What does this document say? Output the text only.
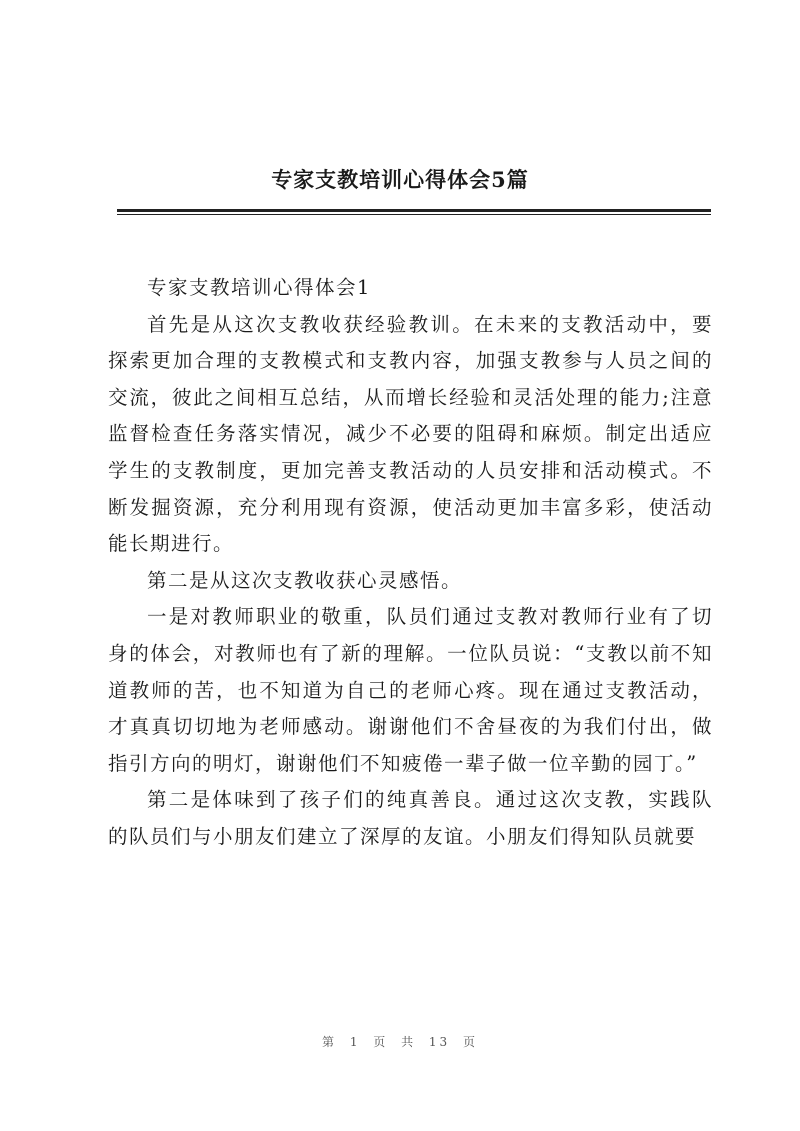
专家支教培训心得体会5篇

专家支教培训心得体会1

首先是从这次支教收获经验教训。在未来的支教活动中，要探索更加合理的支教模式和支教内容，加强支教参与人员之间的交流，彼此之间相互总结，从而增长经验和灵活处理的能力;注意监督检查任务落实情况，减少不必要的阻碍和麻烦。制定出适应学生的支教制度，更加完善支教活动的人员安排和活动模式。不断发掘资源，充分利用现有资源，使活动更加丰富多彩，使活动能长期进行。

第二是从这次支教收获心灵感悟。

一是对教师职业的敬重，队员们通过支教对教师行业有了切身的体会，对教师也有了新的理解。一位队员说：“支教以前不知道教师的苦，也不知道为自己的老师心疼。现在通过支教活动，才真真切切地为老师感动。谢谢他们不舍昼夜的为我们付出，做指引方向的明灯，谢谢他们不知疲倦一辈子做一位辛勤的园丁。”

第二是体味到了孩子们的纯真善良。通过这次支教，实践队的队员们与小朋友们建立了深厚的友谊。小朋友们得知队员就要

第 1 页 共 13 页
